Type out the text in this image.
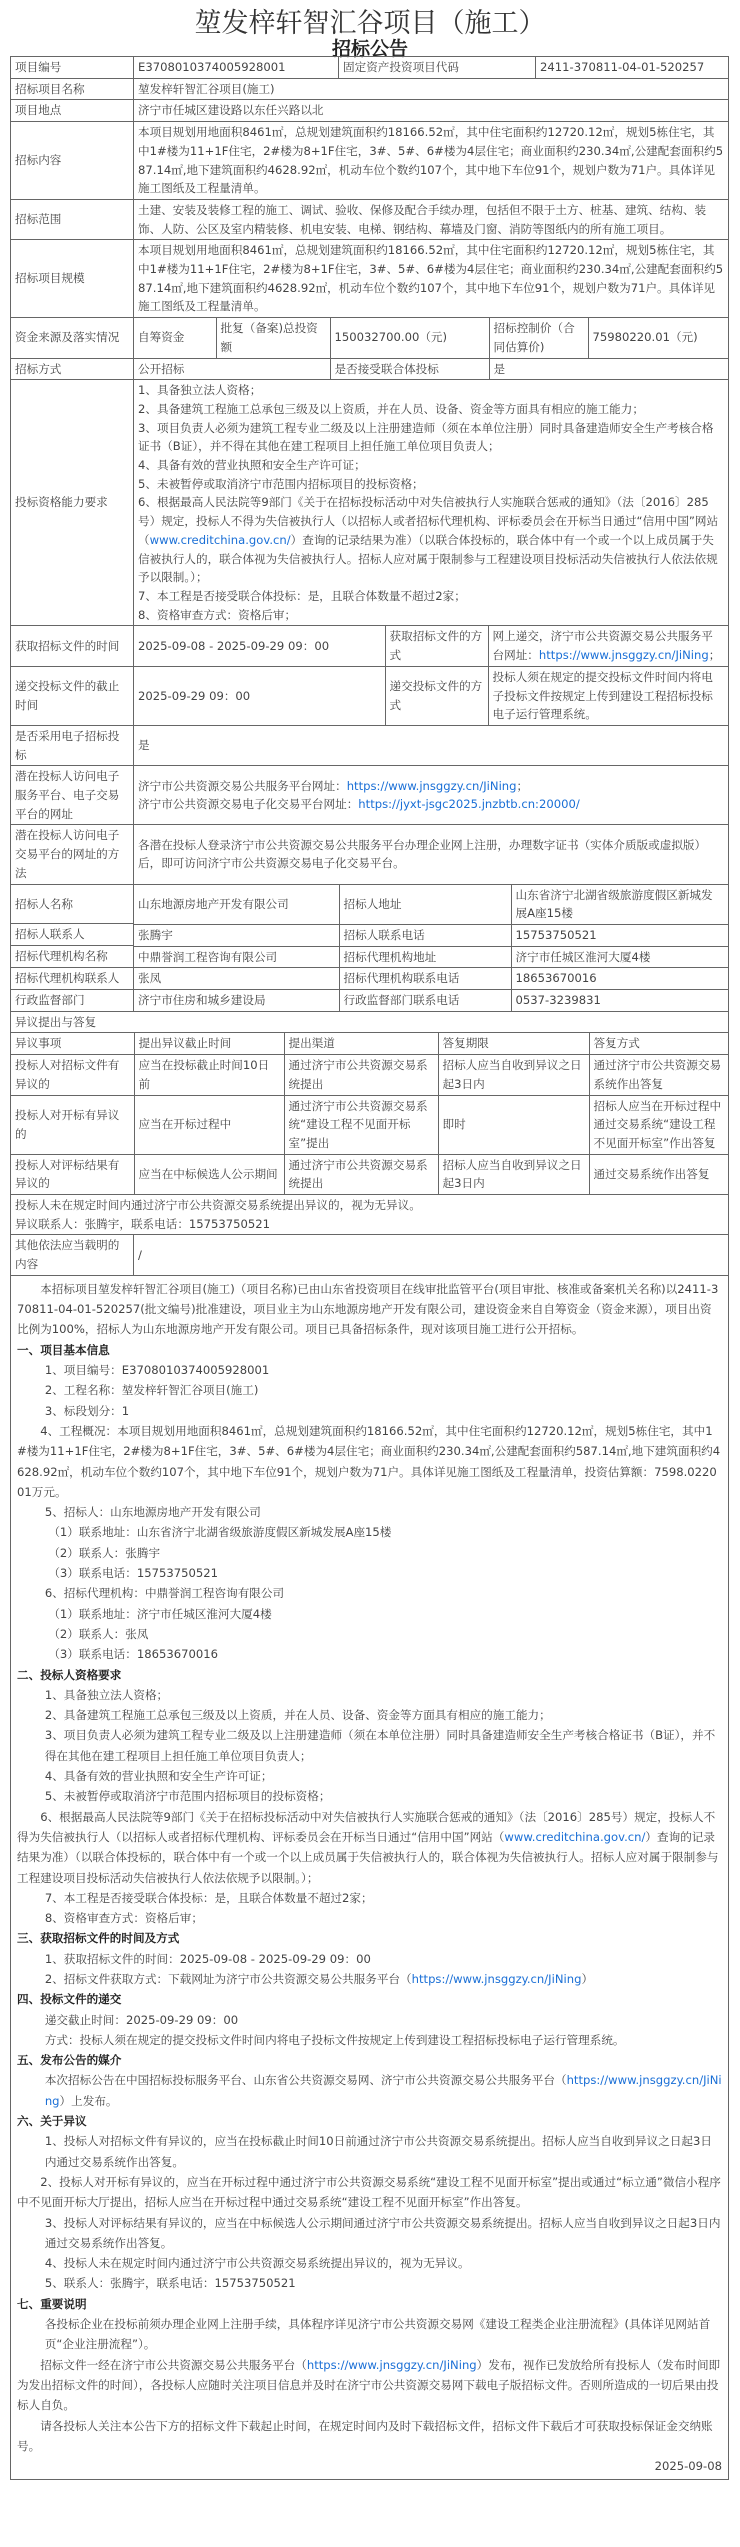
堃发梓轩智汇谷项目（施工）
招标公告
项目编号	E3708010374005928001	固定资产投资项目代码	2411-370811-04-01-520257
招标项目名称	堃发梓轩智汇谷项目(施工)
项目地点	济宁市任城区建设路以东任兴路以北
招标内容	本项目规划用地面积8461㎡，总规划建筑面积约18166.52㎡，其中住宅面积约12720.12㎡，规划5栋住宅，其中1#楼为11+1F住宅，2#楼为8+1F住宅，3#、5#、6#楼为4层住宅；商业面积约230.34㎡,公建配套面积约587.14㎡,地下建筑面积约4628.92㎡，机动车位个数约107个，其中地下车位91个，规划户数为71户。具体详见施工图纸及工程量清单。
招标范围	土建、安装及装修工程的施工、调试、验收、保修及配合手续办理，包括但不限于土方、桩基、建筑、结构、装饰、人防、公区及室内精装修、机电安装、电梯、钢结构、幕墙及门窗、消防等图纸内的所有施工项目。
招标项目规模	本项目规划用地面积8461㎡，总规划建筑面积约18166.52㎡，其中住宅面积约12720.12㎡，规划5栋住宅，其中1#楼为11+1F住宅，2#楼为8+1F住宅，3#、5#、6#楼为4层住宅；商业面积约230.34㎡,公建配套面积约587.14㎡,地下建筑面积约4628.92㎡，机动车位个数约107个，其中地下车位91个，规划户数为71户。具体详见施工图纸及工程量清单。
资金来源及落实情况	自筹资金	批复（备案)总投资额	150032700.00（元)	招标控制价（合同估算价)	75980220.01（元)

招标方式		公开招标	是否接受联合体投标	是

投标资格能力要求	
1、具备独立法人资格；
2、具备建筑工程施工总承包三级及以上资质，并在人员、设备、资金等方面具有相应的施工能力；
3、项目负责人必须为建筑工程专业二级及以上注册建造师（须在本单位注册）同时具备建造师安全生产考核合格证书（B证），并不得在其他在建工程项目上担任施工单位项目负责人；
4、具备有效的营业执照和安全生产许可证；
5、未被暂停或取消济宁市范围内招标项目的投标资格；
6、根据最高人民法院等9部门《关于在招标投标活动中对失信被执行人实施联合惩戒的通知》（法〔2016〕285号）规定，投标人不得为失信被执行人（以招标人或者招标代理机构、评标委员会在开标当日通过“信用中国”网站（www.creditchina.gov.cn/）查询的记录结果为准）（以联合体投标的，联合体中有一个或一个以上成员属于失信被执行人的，联合体视为失信被执行人。招标人应对属于限制参与工程建设项目投标活动失信被执行人依法依规予以限制。）；
7、本工程是否接受联合体投标：是，且联合体数量不超过2家；
8、资格审查方式：资格后审；

获取招标文件的时间	2025-09-08 - 2025-09-29 09：00	获取招标文件的方式	网上递交，济宁市公共资源交易公共服务平台网址：https://www.jnsggzy.cn/JiNing；

递交投标文件的截止时间	
2025-09-29 09：00	递交投标文件的方式	投标人须在规定的提交投标文件时间内将电子投标文件按规定上传到建设工程招标投标电子运行管理系统。

是否采用电子招标投标	是
潜在投标人访问电子服务平台、电子交易平台的网址	
济宁市公共资源交易公共服务平台网址：https://www.jnsggzy.cn/JiNing；
济宁市公共资源交易电子化交易平台网址：https://jyxt-jsgc2025.jnzbtb.cn:20000/

潜在投标人访问电子交易平台的网址的方法	各潜在投标人登录济宁市公共资源交易公共服务平台办理企业网上注册，办理数字证书（实体介质版或虚拟版）后，即可访问济宁市公共资源交易电子化交易平台。

招标人名称
招标人联系人
招标代理机构名称
招标代理机构联系人
行政监督部门

山东地源房地产开发有限公司	招标人地址	山东省济宁北湖省级旅游度假区新城发展A座15楼
张腾宇	招标人联系电话	15753750521
中鼎誉润工程咨询有限公司	招标代理机构地址	济宁市任城区淮河大厦4楼
张凤	招标代理机构联系电话	18653670016
济宁市住房和城乡建设局	行政监督部门联系电话	0537-3239831

异议提出与答复

异议事项	提出异议截止时间	提出渠道	答复期限	答复方式
投标人对招标文件有异议的	应当在投标截止时间10日前	通过济宁市公共资源交易系统提出	招标人应当自收到异议之日起3日内	通过济宁市公共资源交易系统作出答复
投标人对开标有异议的	应当在开标过程中	通过济宁市公共资源交易系统“建设工程不见面开标室”提出	即时	招标人应当在开标过程中通过交易系统“建设工程不见面开标室”作出答复
投标人对评标结果有异议的	应当在中标候选人公示期间	通过济宁市公共资源交易系统提出	招标人应当自收到异议之日起3日内	通过交易系统作出答复

投标人未在规定时间内通过济宁市公共资源交易系统提出异议的，视为无异议。
异议联系人：张腾宇，联系电话：15753750521

其他依法应当载明的内容	/

本招标项目堃发梓轩智汇谷项目(施工)（项目名称)已由山东省投资项目在线审批监管平台(项目审批、核准或备案机关名称)以2411-370811-04-01-520257(批文编号)批准建设，项目业主为山东地源房地产开发有限公司，建设资金来自自筹资金（资金来源），项目出资比例为100%，招标人为山东地源房地产开发有限公司。项目已具备招标条件，现对该项目施工进行公开招标。
一、项目基本信息
1、项目编号：E3708010374005928001
2、工程名称：堃发梓轩智汇谷项目(施工)
3、标段划分：1
4、工程概况：本项目规划用地面积8461㎡，总规划建筑面积约18166.52㎡，其中住宅面积约12720.12㎡，规划5栋住宅，其中1#楼为11+1F住宅，2#楼为8+1F住宅，3#、5#、6#楼为4层住宅；商业面积约230.34㎡,公建配套面积约587.14㎡,地下建筑面积约4628.92㎡，机动车位个数约107个，其中地下车位91个，规划户数为71户。具体详见施工图纸及工程量清单，投资估算额：7598.022001万元。
5、招标人：山东地源房地产开发有限公司
（1）联系地址：山东省济宁北湖省级旅游度假区新城发展A座15楼
（2）联系人：张腾宇
（3）联系电话：15753750521
6、招标代理机构：中鼎誉润工程咨询有限公司
（1）联系地址：济宁市任城区淮河大厦4楼
（2）联系人：张凤
（3）联系电话：18653670016
二、投标人资格要求
1、具备独立法人资格；
2、具备建筑工程施工总承包三级及以上资质，并在人员、设备、资金等方面具有相应的施工能力；
3、项目负责人必须为建筑工程专业二级及以上注册建造师（须在本单位注册）同时具备建造师安全生产考核合格证书（B证），并不得在其他在建工程项目上担任施工单位项目负责人；
4、具备有效的营业执照和安全生产许可证；
5、未被暂停或取消济宁市范围内招标项目的投标资格；
6、根据最高人民法院等9部门《关于在招标投标活动中对失信被执行人实施联合惩戒的通知》（法〔2016〕285号）规定，投标人不得为失信被执行人（以招标人或者招标代理机构、评标委员会在开标当日通过“信用中国”网站（www.creditchina.gov.cn/）查询的记录结果为准）（以联合体投标的，联合体中有一个或一个以上成员属于失信被执行人的，联合体视为失信被执行人。招标人应对属于限制参与工程建设项目投标活动失信被执行人依法依规予以限制。）；
7、本工程是否接受联合体投标：是，且联合体数量不超过2家；
8、资格审查方式：资格后审；
三、获取招标文件的时间及方式
1、获取招标文件的时间：2025-09-08 - 2025-09-29 09：00
2、招标文件获取方式：下载网址为济宁市公共资源交易公共服务平台（https://www.jnsggzy.cn/JiNing）
四、投标文件的递交
递交截止时间：2025-09-29 09：00
方式：投标人须在规定的提交投标文件时间内将电子投标文件按规定上传到建设工程招标投标电子运行管理系统。
五、发布公告的媒介
本次招标公告在中国招标投标服务平台、山东省公共资源交易网、济宁市公共资源交易公共服务平台（https://www.jnsggzy.cn/JiNing）上发布。
六、关于异议
1、投标人对招标文件有异议的，应当在投标截止时间10日前通过济宁市公共资源交易系统提出。招标人应当自收到异议之日起3日内通过交易系统作出答复。
2、投标人对开标有异议的，应当在开标过程中通过济宁市公共资源交易系统“建设工程不见面开标室”提出或通过“标立通”微信小程序中不见面开标大厅提出，招标人应当在开标过程中通过交易系统“建设工程不见面开标室”作出答复。
3、投标人对评标结果有异议的，应当在中标候选人公示期间通过济宁市公共资源交易系统提出。招标人应当自收到异议之日起3日内通过交易系统作出答复。
4、投标人未在规定时间内通过济宁市公共资源交易系统提出异议的，视为无异议。
5、联系人：张腾宇，联系电话：15753750521
七、重要说明
各投标企业在投标前须办理企业网上注册手续，具体程序详见济宁市公共资源交易网《建设工程类企业注册流程》(具体详见网站首页“企业注册流程”）。
招标文件一经在济宁市公共资源交易公共服务平台（https://www.jnsggzy.cn/JiNing）发布，视作已发放给所有投标人（发布时间即为发出招标文件的时间），各投标人应随时关注项目信息并及时在济宁市公共资源交易网下载电子版招标文件。否则所造成的一切后果由投标人自负。
请各投标人关注本公告下方的招标文件下载起止时间，在规定时间内及时下载招标文件，招标文件下载后才可获取投标保证金交纳账号。
2025-09-08
